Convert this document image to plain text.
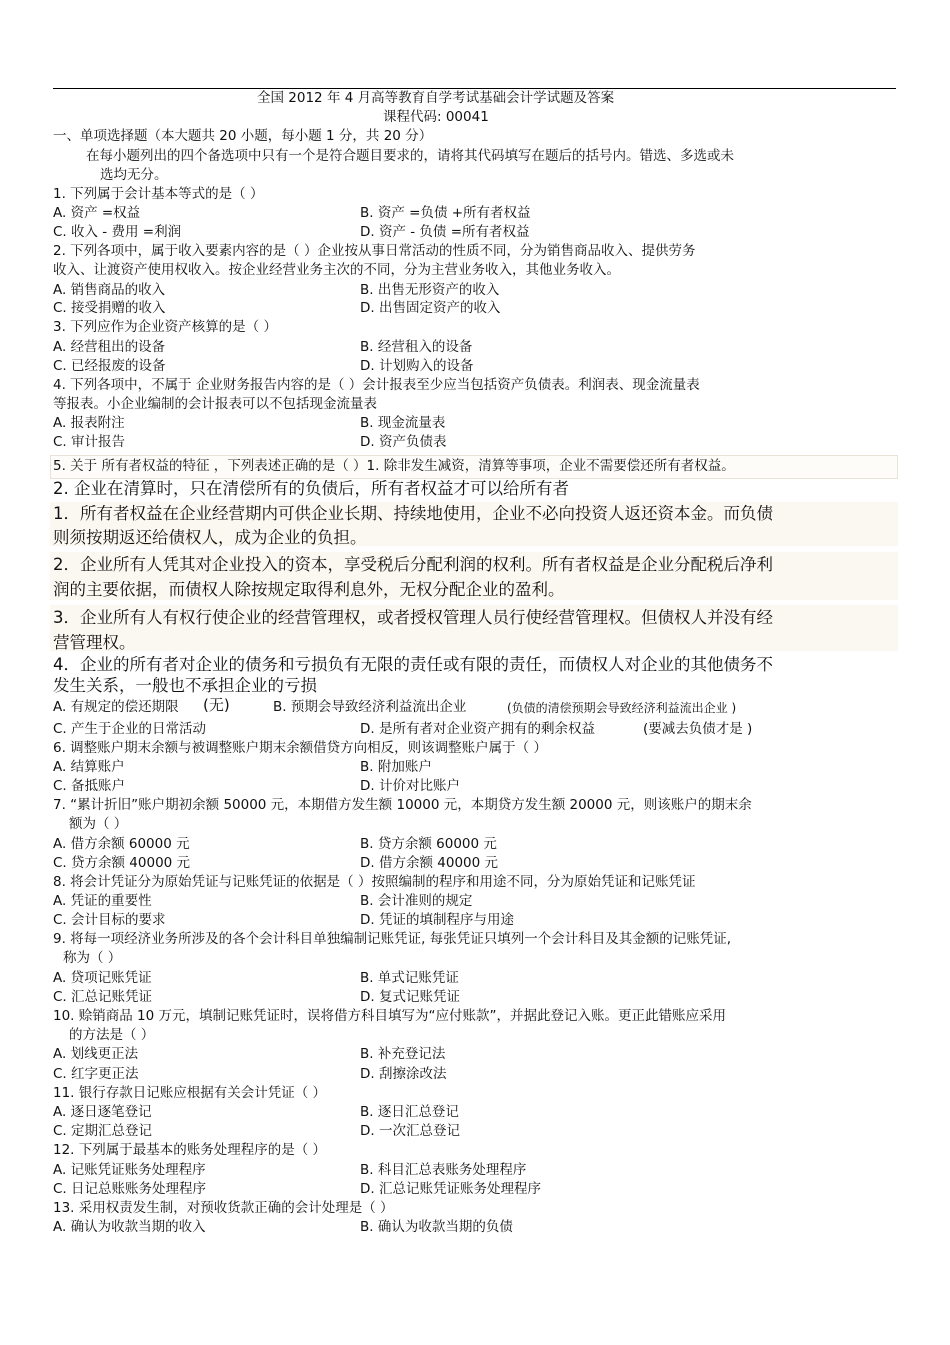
全国 2012 年 4 月高等教育自学考试基础会计学试题及答案
课程代码: 00041
一、单项选择题（本大题共 20 小题，每小题 1 分，共 20 分）
在每小题列出的四个备选项中只有一个是符合题目要求的，请将其代码填写在题后的括号内。错选、多选或未
选均无分。
1. 下列属于会计基本等式的是（ ）
A. 资产 =权益	B. 资产 =负债 +所有者权益
C. 收入 - 费用 =利润	D. 资产 - 负债 =所有者权益
2. 下列各项中，属于收入要素内容的是（ ）企业按从事日常活动的性质不同，分为销售商品收入、提供劳务
收入、让渡资产使用权收入。按企业经营业务主次的不同，分为主营业务收入，其他业务收入。
A. 销售商品的收入	B. 出售无形资产的收入
C. 接受捐赠的收入	D. 出售固定资产的收入
3. 下列应作为企业资产核算的是（ ）
A. 经营租出的设备	B. 经营租入的设备
C. 已经报废的设备	D. 计划购入的设备
4. 下列各项中，不属于 企业财务报告内容的是（ ）会计报表至少应当包括资产负债表。利润表、现金流量表
等报表。小企业编制的会计报表可以不包括现金流量表
A. 报表附注	B. 现金流量表
C. 审计报告	D. 资产负债表
5. 关于 所有者权益的特征 ，下列表述正确的是（ ）1. 除非发生减资，清算等事项，企业不需要偿还所有者权益。
2. 企业在清算时，只在清偿所有的负债后，所有者权益才可以给所有者
1．所有者权益在企业经营期内可供企业长期、持续地使用，企业不必向投资人返还资本金。而负债
则须按期返还给债权人，成为企业的负担。
2．企业所有人凭其对企业投入的资本，享受税后分配利润的权利。所有者权益是企业分配税后净利
润的主要依据，而债权人除按规定取得利息外，无权分配企业的盈利。
3．企业所有人有权行使企业的经营管理权，或者授权管理人员行使经营管理权。但债权人并没有经
营管理权。
4．企业的所有者对企业的债务和亏损负有无限的责任或有限的责任，而债权人对企业的其他债务不
发生关系，一般也不承担企业的亏损
A. 有规定的偿还期限 (无)	B. 预期会导致经济利益流出企业	(负债的清偿预期会导致经济利益流出企业 )
C. 产生于企业的日常活动	D. 是所有者对企业资产拥有的剩余权益	(要减去负债才是 )
6. 调整账户期末余额与被调整账户期末余额借贷方向相反，则该调整账户属于（ ）
A. 结算账户	B. 附加账户
C. 备抵账户	D. 计价对比账户
7. “累计折旧”账户期初余额 50000 元，本期借方发生额 10000 元，本期贷方发生额 20000 元，则该账户的期末余
额为（ ）
A. 借方余额 60000 元	B. 贷方余额 60000 元
C. 贷方余额 40000 元	D. 借方余额 40000 元
8. 将会计凭证分为原始凭证与记账凭证的依据是（ ）按照编制的程序和用途不同，分为原始凭证和记账凭证
A. 凭证的重要性	B. 会计准则的规定
C. 会计目标的要求	D. 凭证的填制程序与用途
9. 将每一项经济业务所涉及的各个会计科目单独编制记账凭证, 每张凭证只填列一个会计科目及其金额的记账凭证,
称为（ ）
A. 贷项记账凭证	B. 单式记账凭证
C. 汇总记账凭证	D. 复式记账凭证
10. 赊销商品 10 万元，填制记账凭证时，误将借方科目填写为“应付账款”，并据此登记入账。更正此错账应采用
的方法是（ ）
A. 划线更正法	B. 补充登记法
C. 红字更正法	D. 刮擦涂改法
11. 银行存款日记账应根据有关会计凭证（ ）
A. 逐日逐笔登记	B. 逐日汇总登记
C. 定期汇总登记	D. 一次汇总登记
12. 下列属于最基本的账务处理程序的是（ ）
A. 记账凭证账务处理程序	B. 科目汇总表账务处理程序
C. 日记总账账务处理程序	D. 汇总记账凭证账务处理程序
13. 采用权责发生制，对预收货款正确的会计处理是（ ）
A. 确认为收款当期的收入	B. 确认为收款当期的负债
